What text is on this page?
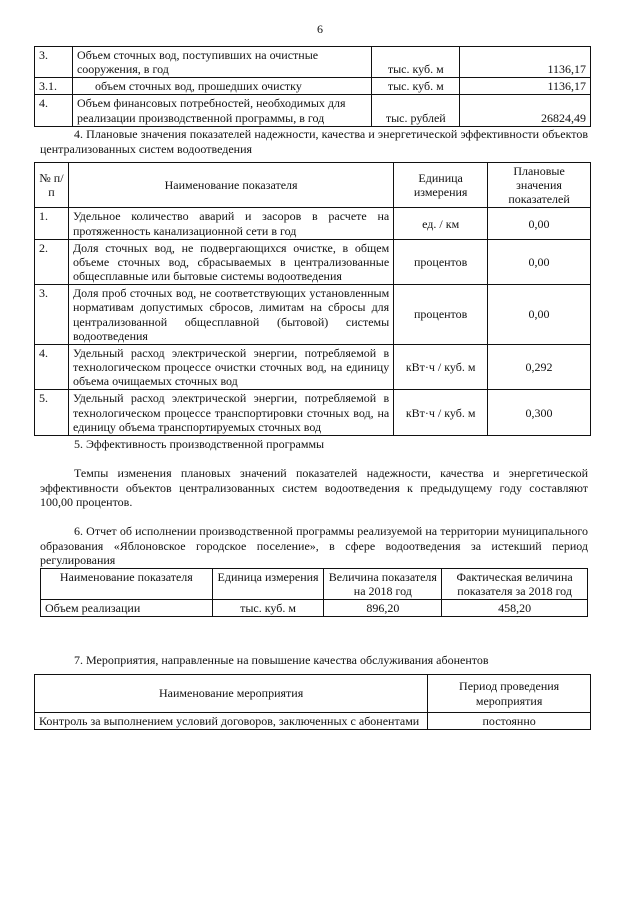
6
3.	Объем сточных вод, поступивших на очистные сооружения, в год	тыс. куб. м	1136,17
3.1.	объем сточных вод, прошедших очистку	тыс. куб. м	1136,17
4.	Объем финансовых потребностей, необходимых для реализации производственной программы, в год	тыс. рублей	26824,49
4. Плановые значения показателей надежности, качества и энергетической эффективности объектов централизованных систем водоотведения
№ п/п	Наименование показателя	Единица измерения	Плановые значения показателей
1.	Удельное количество аварий и засоров в расчете на протяженность канализационной сети в год	ед. / км	0,00
2.	Доля сточных вод, не подвергающихся очистке, в общем объеме сточных вод, сбрасываемых в централизованные общесплавные или бытовые системы водоотведения	процентов	0,00
3.	Доля проб сточных вод, не соответствующих установленным нормативам допустимых сбросов, лимитам на сбросы для централизованной общесплавной (бытовой) системы водоотведения	процентов	0,00
4.	Удельный расход электрической энергии, потребляемой в технологическом процессе очистки сточных вод, на единицу объема очищаемых сточных вод	кВт·ч / куб. м	0,292
5.	Удельный расход электрической энергии, потребляемой в технологическом процессе транспортировки сточных вод, на единицу объема транспортируемых сточных вод	кВт·ч / куб. м	0,300
5. Эффективность производственной программы
Темпы изменения плановых значений показателей надежности, качества и энергетической эффективности объектов централизованных систем водоотведения к предыдущему году составляют 100,00 процентов.
6. Отчет об исполнении производственной программы реализуемой на территории муниципального образования «Яблоновское городское поселение», в сфере водоотведения за истекший период регулирования
Наименование показателя	Единица измерения	Величина показателя на 2018 год	Фактическая величина показателя за 2018 год
Объем реализации	тыс. куб. м	896,20	458,20
7. Мероприятия, направленные на повышение качества обслуживания абонентов
Наименование мероприятия	Период проведения мероприятия
Контроль за выполнением условий договоров, заключенных с абонентами	постоянно
